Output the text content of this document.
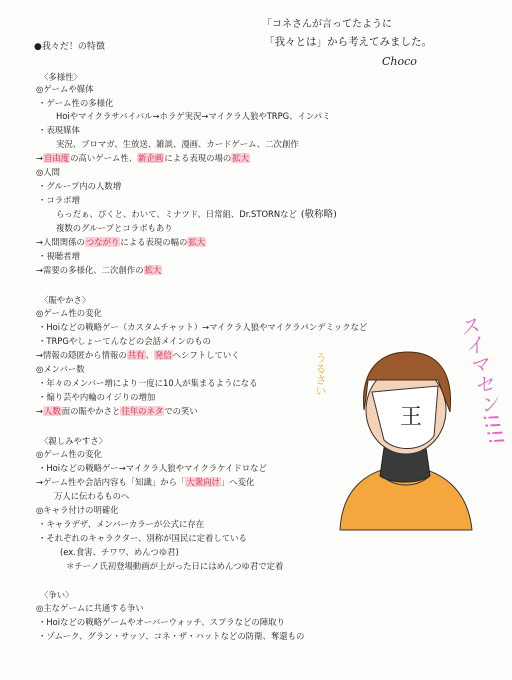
「コネさんが言ってたように
「我々とは」から考えてみました。
Choco
●我々だ！の特徴
〈多様性〉
◎ゲームや媒体
・ゲーム性の多様化
Hoiやマイクラサバイバル→ホラゲ実況→マイクラ人狼やTRPG、インパミ
・表現媒体
実況、ブロマガ、生放送、雑談、漫画、カードゲーム、二次創作
→自由度の高いゲーム性、新企画による表現の場の拡大
◎人間
・グループ内の人数増
・コラボ増
らっだぁ、ぴくと、わいて、ミナツド、日常組、Dr.STORNなど (敬称略)
複数のグループとコラボもあり
→人間関係のつながりによる表現の幅の拡大
・視聴者増
→需要の多様化、二次創作の拡大
〈賑やかさ〉
◎ゲーム性の変化
・Hoiなどの戦略ゲー（カスタムチャット）→マイクラ人狼やマイクラパンデミックなど
・TRPGやしょーてんなどの会話メインのもの
→情報の隠匿から情報の共有、発信へシフトしていく
◎メンバー数
・年々のメンバー増により一度に10人が集まるようになる
・煽り芸や内輪のイジりの増加
→人数面の賑やかさと往年のネタでの笑い
〈親しみやすさ〉
◎ゲーム性の変化
・Hoiなどの戦略ゲー→マイクラ人狼やマイクラケイドロなど
→ゲーム性や会話内容も「知識」から「大衆向け」へ変化
万人に伝わるものへ
◎キャラ付けの明確化
・キャラデザ、メンバーカラーが公式に存在
・それぞれのキャラクター、別称が国民に定着している
(ex.食害、チワワ、めんつゆ君)
＊チーノ氏初登場動画が上がった日にはめんつゆ君で定着
〈争い〉
◎主なゲームに共通する争い
・Hoiなどの戦略ゲームやオーバーウォッチ、スプラなどの陣取り
・ゾムーク、グラン・サッソ、コネ・ザ・ハットなどの防衛、奪還もの
王 スイマセン!!!!
うるさい
